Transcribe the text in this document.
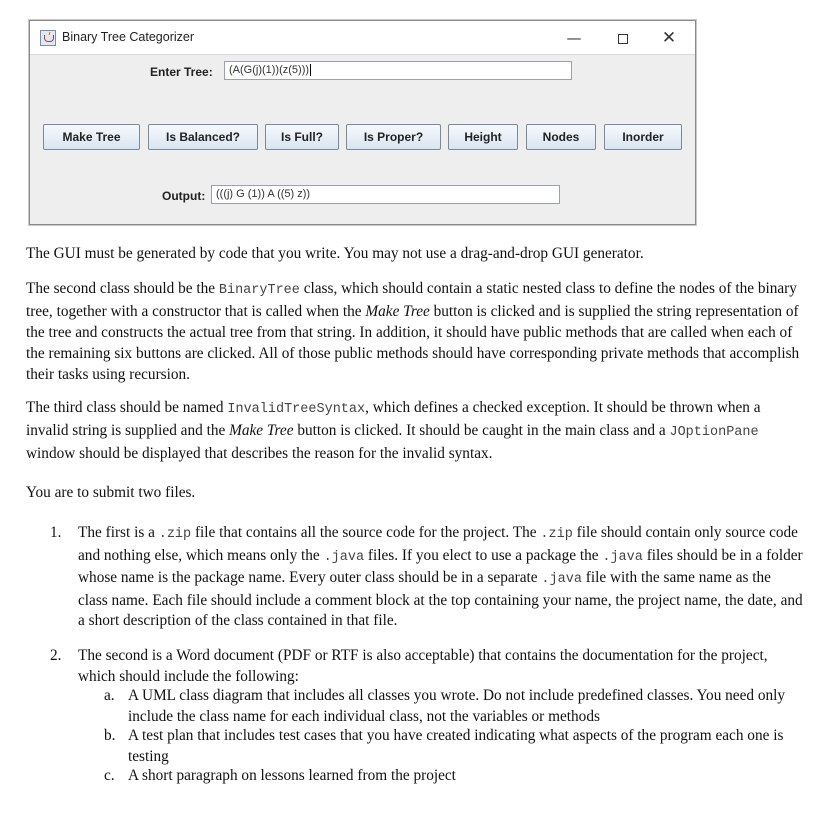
Binary Tree Categorizer	—	✕
Enter Tree:	(A(G(j)(1))(z(5)))
Make Tree	Is Balanced?	Is Full?	Is Proper?	Height	Nodes	Inorder
Output: (((j) G (1)) A ((5) z))
The GUI must be generated by code that you write. You may not use a drag-and-drop GUI generator.
The second class should be the BinaryTree class, which should contain a static nested class to define the nodes of the binary tree, together with a constructor that is called when the Make Tree button is clicked and is supplied the string representation of the tree and constructs the actual tree from that string. In addition, it should have public methods that are called when each of the remaining six buttons are clicked. All of those public methods should have corresponding private methods that accomplish their tasks using recursion.
The third class should be named InvalidTreeSyntax, which defines a checked exception. It should be thrown when a invalid string is supplied and the Make Tree button is clicked. It should be caught in the main class and a JOptionPane window should be displayed that describes the reason for the invalid syntax.
You are to submit two files.
1. The first is a .zip file that contains all the source code for the project. The .zip file should contain only source code and nothing else, which means only the .java files. If you elect to use a package the .java files should be in a folder whose name is the package name. Every outer class should be in a separate .java file with the same name as the class name. Each file should include a comment block at the top containing your name, the project name, the date, and a short description of the class contained in that file.
2. The second is a Word document (PDF or RTF is also acceptable) that contains the documentation for the project, which should include the following:
a. A UML class diagram that includes all classes you wrote. Do not include predefined classes. You need only include the class name for each individual class, not the variables or methods
b. A test plan that includes test cases that you have created indicating what aspects of the program each one is testing
c. A short paragraph on lessons learned from the project
